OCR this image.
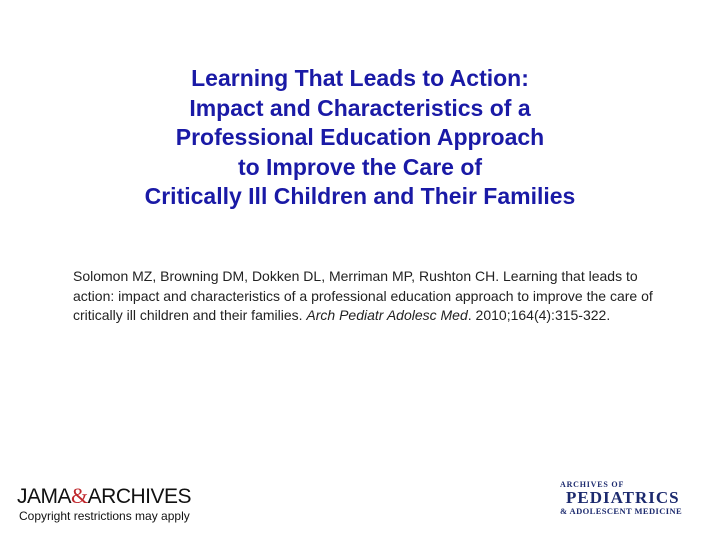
Learning That Leads to Action:
Impact and Characteristics of a
Professional Education Approach
to Improve the Care of
Critically Ill Children and Their Families
Solomon MZ, Browning DM, Dokken DL, Merriman MP, Rushton CH. Learning that leads to action: impact and characteristics of a professional education approach to improve the care of critically ill children and their families. Arch Pediatr Adolesc Med. 2010;164(4):315-322.
JAMA&ARCHIVES
Copyright restrictions may apply
ARCHIVES OF
PEDIATRICS
& ADOLESCENT MEDICINE
